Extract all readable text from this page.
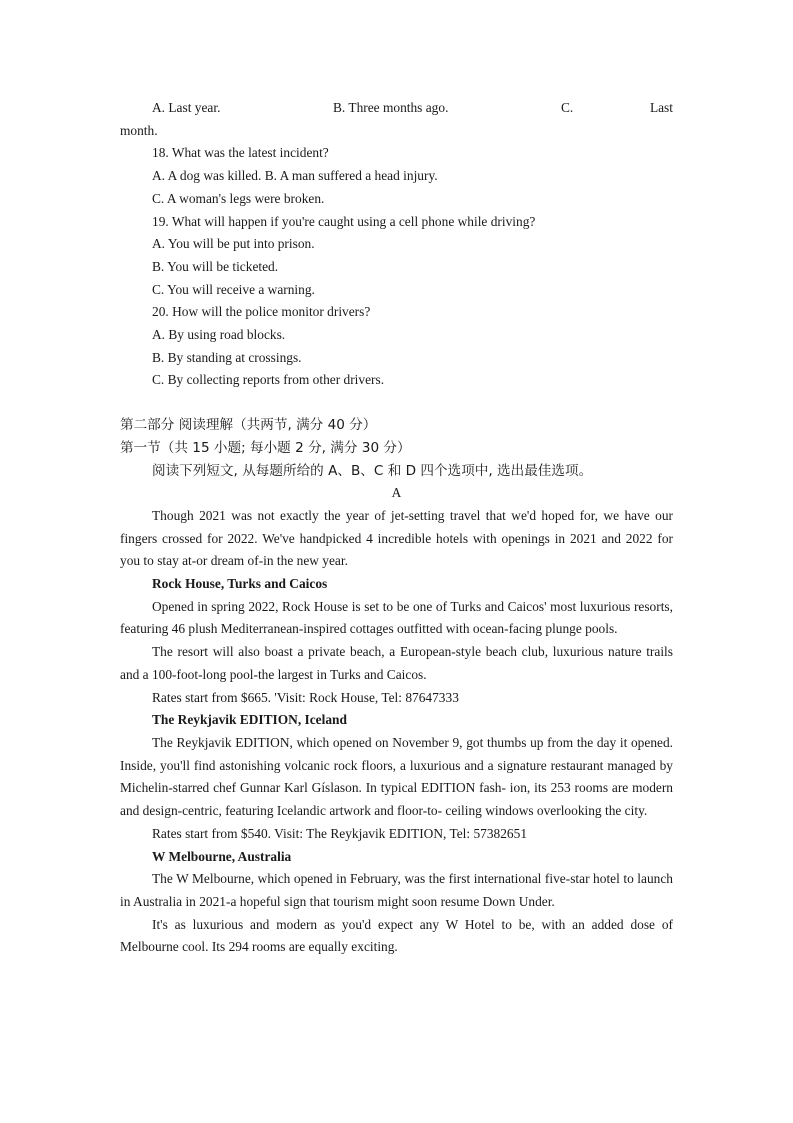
A. Last year.	B. Three months ago.	C.	Last
month.
18. What was the latest incident?
A. A dog was killed. B. A man suffered a head injury.
C. A woman's legs were broken.
19. What will happen if you're caught using a cell phone while driving?
A. You will be put into prison.
B. You will be ticketed.
C. You will receive a warning.
20. How will the police monitor drivers?
A. By using road blocks.
B. By standing at crossings.
C. By collecting reports from other drivers.
第二部分 阅读理解（共两节, 满分 40 分）
第一节（共 15 小题; 每小题 2 分, 满分 30 分）
阅读下列短文, 从每题所给的 A、B、C 和 D 四个选项中, 选出最佳选项。
A

Though 2021 was not exactly the year of jet-setting travel that we'd hoped for, we have our fingers crossed for 2022. We've handpicked 4 incredible hotels with openings in 2021 and 2022 for you to stay at-or dream of-in the new year.

Rock House, Turks and Caicos

Opened in spring 2022, Rock House is set to be one of Turks and Caicos' most luxurious resorts, featuring 46 plush Mediterranean-inspired cottages outfitted with ocean-facing plunge pools.

The resort will also boast a private beach, a European-style beach club, luxurious nature trails and a 100-foot-long pool-the largest in Turks and Caicos.

Rates start from $665. 'Visit: Rock House, Tel: 87647333
The Reykjavik EDITION, Iceland

The Reykjavik EDITION, which opened on November 9, got thumbs up from the day it opened. Inside, you'll find astonishing volcanic rock floors, a luxurious and a signature restaurant managed by Michelin-starred chef Gunnar Karl Gíslason. In typical EDITION fash- ion, its 253 rooms are modern and design-centric, featuring Icelandic artwork and floor-to- ceiling windows overlooking the city.

Rates start from $540. Visit: The Reykjavik EDITION, Tel: 57382651
W Melbourne, Australia

The W Melbourne, which opened in February, was the first international five-star hotel to launch in Australia in 2021-a hopeful sign that tourism might soon resume Down Under.

It's as luxurious and modern as you'd expect any W Hotel to be, with an added dose of Melbourne cool. Its 294 rooms are equally exciting.
